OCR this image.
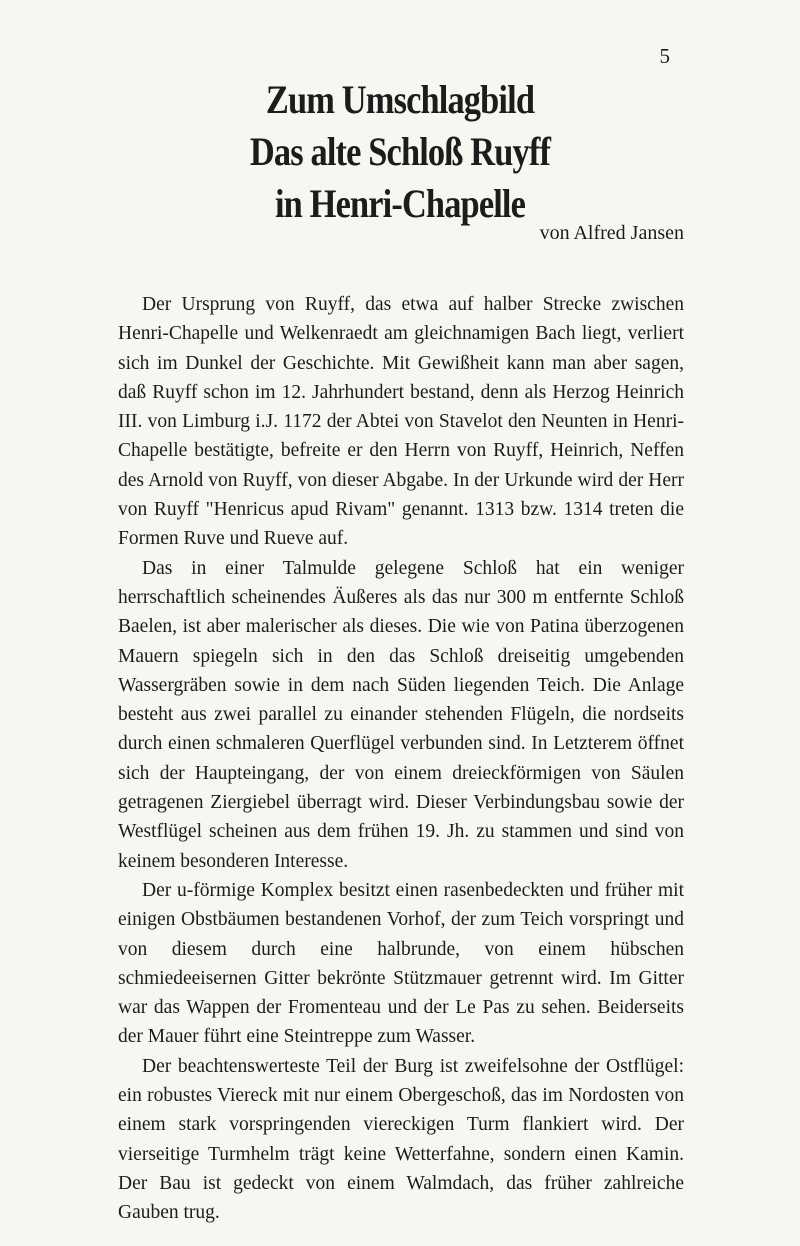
5

Zum Umschlagbild

Das alte Schloß Ruyff

in Henri-Chapelle

von Alfred Jansen

Der Ursprung von Ruyff, das etwa auf halber Strecke zwischen Henri-Chapelle und Welkenraedt am gleichnamigen Bach liegt, verliert sich im Dunkel der Geschichte. Mit Gewißheit kann man aber sagen, daß Ruyff schon im 12. Jahrhundert bestand, denn als Herzog Heinrich III. von Limburg i.J. 1172 der Abtei von Stavelot den Neunten in Henri-Chapelle bestätigte, befreite er den Herrn von Ruyff, Heinrich, Neffen des Arnold von Ruyff, von dieser Abgabe. In der Urkunde wird der Herr von Ruyff "Henricus apud Rivam" genannt. 1313 bzw. 1314 treten die Formen Ruve und Rueve auf.

Das in einer Talmulde gelegene Schloß hat ein weniger herrschaftlich scheinendes Äußeres als das nur 300 m entfernte Schloß Baelen, ist aber malerischer als dieses. Die wie von Patina überzogenen Mauern spiegeln sich in den das Schloß dreiseitig umgebenden Wassergräben sowie in dem nach Süden liegenden Teich. Die Anlage besteht aus zwei parallel zu einander stehenden Flügeln, die nordseits durch einen schmaleren Querflügel verbunden sind. In Letzterem öffnet sich der Haupteingang, der von einem dreieckförmigen von Säulen getragenen Ziergiebel überragt wird. Dieser Verbindungsbau sowie der Westflügel scheinen aus dem frühen 19. Jh. zu stammen und sind von keinem besonderen Interesse.

Der u-förmige Komplex besitzt einen rasenbedeckten und früher mit einigen Obstbäumen bestandenen Vorhof, der zum Teich vorspringt und von diesem durch eine halbrunde, von einem hübschen schmiedeeisernen Gitter bekrönte Stützmauer getrennt wird. Im Gitter war das Wappen der Fromenteau und der Le Pas zu sehen. Beiderseits der Mauer führt eine Steintreppe zum Wasser.

Der beachtenswerteste Teil der Burg ist zweifelsohne der Ostflügel: ein robustes Viereck mit nur einem Obergeschoß, das im Nordosten von einem stark vorspringenden viereckigen Turm flankiert wird. Der vierseitige Turmhelm trägt keine Wetterfahne, sondern einen Kamin. Der Bau ist gedeckt von einem Walmdach, das früher zahlreiche Gauben trug.
